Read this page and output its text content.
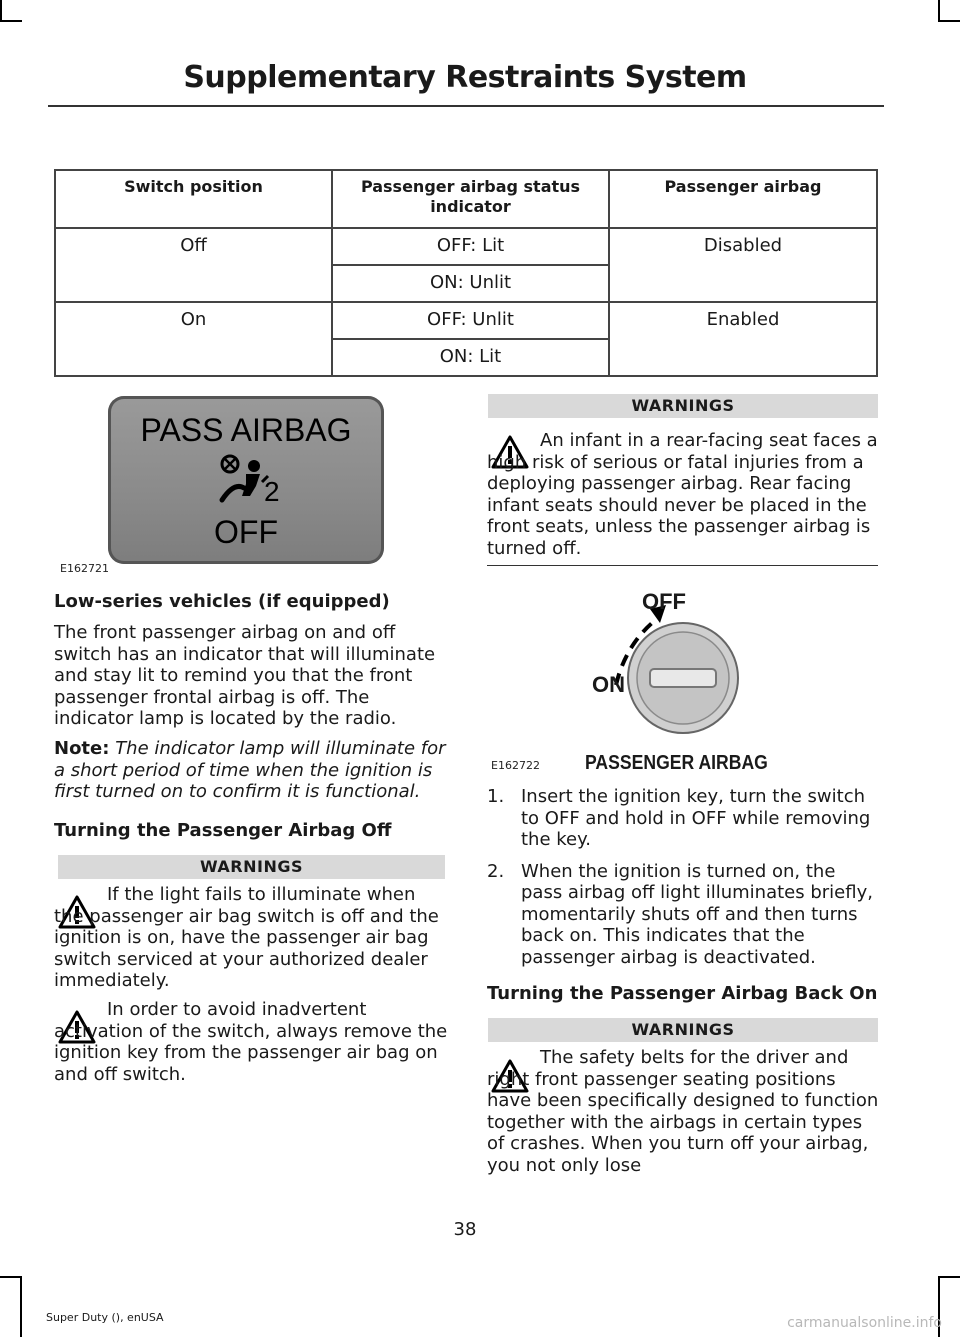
Supplementary Restraints System
Switch position	Passenger airbag status indicator	Passenger airbag
Off	OFF: Lit	Disabled
	ON: Unlit	
On	OFF: Unlit	Enabled
	ON: Lit	
PASS AIRBAG
2
OFF
E162721
Low-series vehicles (if equipped)
The front passenger airbag on and off switch has an indicator that will illuminate and stay lit to remind you that the front passenger frontal airbag is off. The indicator lamp is located by the radio.
Note: The indicator lamp will illuminate for a short period of time when the ignition is first turned on to confirm it is functional.
Turning the Passenger Airbag Off
WARNINGS
If the light fails to illuminate when the passenger air bag switch is off and the ignition is on, have the passenger air bag switch serviced at your authorized dealer immediately.
In order to avoid inadvertent activation of the switch, always remove the ignition key from the passenger air bag on and off switch.
WARNINGS
An infant in a rear-facing seat faces a high risk of serious or fatal injuries from a deploying passenger airbag. Rear facing infant seats should never be placed in the front seats, unless the passenger airbag is turned off.
OFF
ON
PASSENGER AIRBAG
E162722
1. Insert the ignition key, turn the switch to OFF and hold in OFF while removing the key.
2. When the ignition is turned on, the pass airbag off light illuminates briefly, momentarily shuts off and then turns back on. This indicates that the passenger airbag is deactivated.
Turning the Passenger Airbag Back On
WARNINGS
The safety belts for the driver and right front passenger seating positions have been specifically designed to function together with the airbags in certain types of crashes. When you turn off your airbag, you not only lose
38
Super Duty (), enUSA	carmanualsonline.info
